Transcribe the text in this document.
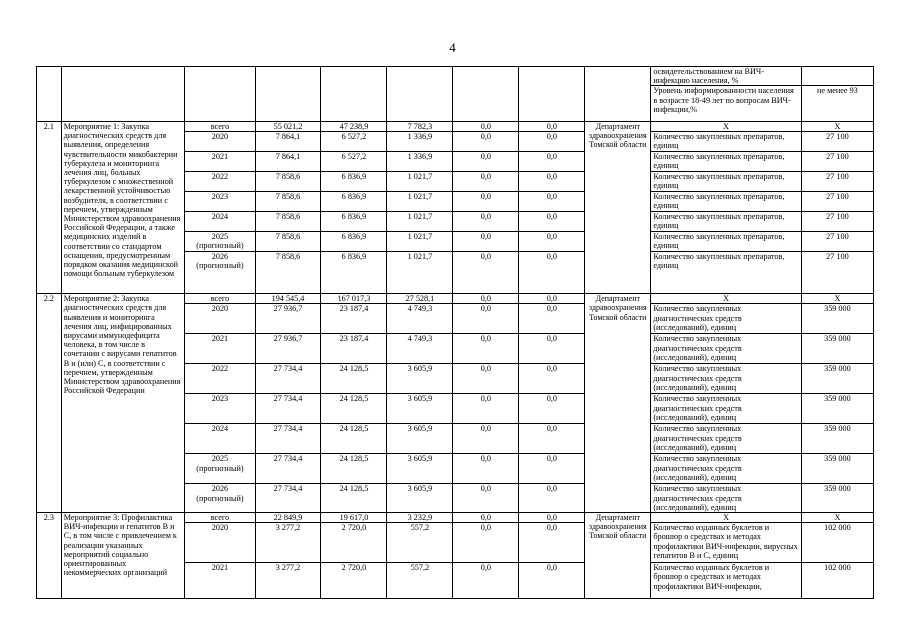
4

									освидетельствованием на ВИЧ-инфекцию населения, %
Уровень информированности населения в возрасте 18-49 лет по вопросам ВИЧ-инфекции,%	не менее 93

2.1	Мероприятие 1: Закупка диагностических средств для выявления, определения чувствительности микобактерии туберкулеза и мониторинга лечения лиц, больных туберкулезом с множественной лекарственной устойчивостью возбудителя, в соответствии с перечнем, утвержденным Министерством здравоохранения Российской Федерации, а также медицинских изделий в соответствии со стандартом оснащения, предусмотренным порядком оказания медицинской помощи больным туберкулезом	всего	55 021,2	47 238,9	7 782,3	0,0	0,0	Департамент здравоохранения Томской области	Х	Х
		2020	7 864,1	6 527,2	1 336,9	0,0	0,0		Количество закупленных препаратов, единиц	27 100
		2021	7 864,1	6 527,2	1 336,9	0,0	0,0		Количество закупленных препаратов, единиц	27 100
		2022	7 858,6	6 836,9	1 021,7	0,0	0,0		Количество закупленных препаратов, единиц	27 100
		2023	7 858,6	6 836,9	1 021,7	0,0	0,0		Количество закупленных препаратов, единиц	27 100
		2024	7 858,6	6 836,9	1 021,7	0,0	0,0		Количество закупленных препаратов, единиц	27 100
		2025 (прогнозный)	7 858,6	6 836,9	1 021,7	0,0	0,0		Количество закупленных препаратов, единиц	27 100
		2026 (прогнозный)	7 858,6	6 836,9	1 021,7	0,0	0,0		Количество закупленных препаратов, единиц	27 100
2.2	Мероприятие 2: Закупка диагностических средств для выявления и мониторинга лечения лиц, инфицированных вирусами иммунодефицита человека, в том числе в сочетании с вирусами гепатитов В и (или) С, в соответствии с перечнем, утвержденным Министерством здравоохранения Российской Федерации	всего	194 545,4	167 017,3	27 528,1	0,0	0,0	Департамент здравоохранения Томской области	Х	Х
		2020	27 936,7	23 187,4	4 749,3	0,0	0,0		Количество закупленных диагностических средств (исследований), единиц	359 000
		2021	27 936,7	23 187,4	4 749,3	0,0	0,0		Количество закупленных диагностических средств (исследований), единиц	359 000
		2022	27 734,4	24 128,5	3 605,9	0,0	0,0		Количество закупленных диагностических средств (исследований), единиц	359 000
		2023	27 734,4	24 128,5	3 605,9	0,0	0,0		Количество закупленных диагностических средств (исследований), единиц	359 000
		2024	27 734,4	24 128,5	3 605,9	0,0	0,0		Количество закупленных диагностических средств (исследований), единиц	359 000
		2025 (прогнозный)	27 734,4	24 128,5	3 605,9	0,0	0,0		Количество закупленных диагностических средств (исследований), единиц	359 000
		2026 (прогнозный)	27 734,4	24 128,5	3 605,9	0,0	0,0		Количество закупленных диагностических средств (исследований), единиц	359 000
2.3	Мероприятие 3: Профилактика ВИЧ-инфекции и гепатитов В и С, в том числе с привлечением к реализации указанных мероприятий социально ориентированных некоммерческих организаций	всего	22 849,9	19 617,0	3 232,9	0,0	0,0	Департамент здравоохранения Томской области	Х	Х
		2020	3 277,2	2 720,0	557,2	0,0	0,0		Количество изданных буклетов и брошюр о средствах и методах профилактики ВИЧ-инфекции, вирусных гепатитов В и С, единиц	102 000
		2021	3 277,2	2 720,0	557,2	0,0	0,0		Количество изданных буклетов и брошюр о средствах и методах профилактики ВИЧ-инфекции,	102 000
